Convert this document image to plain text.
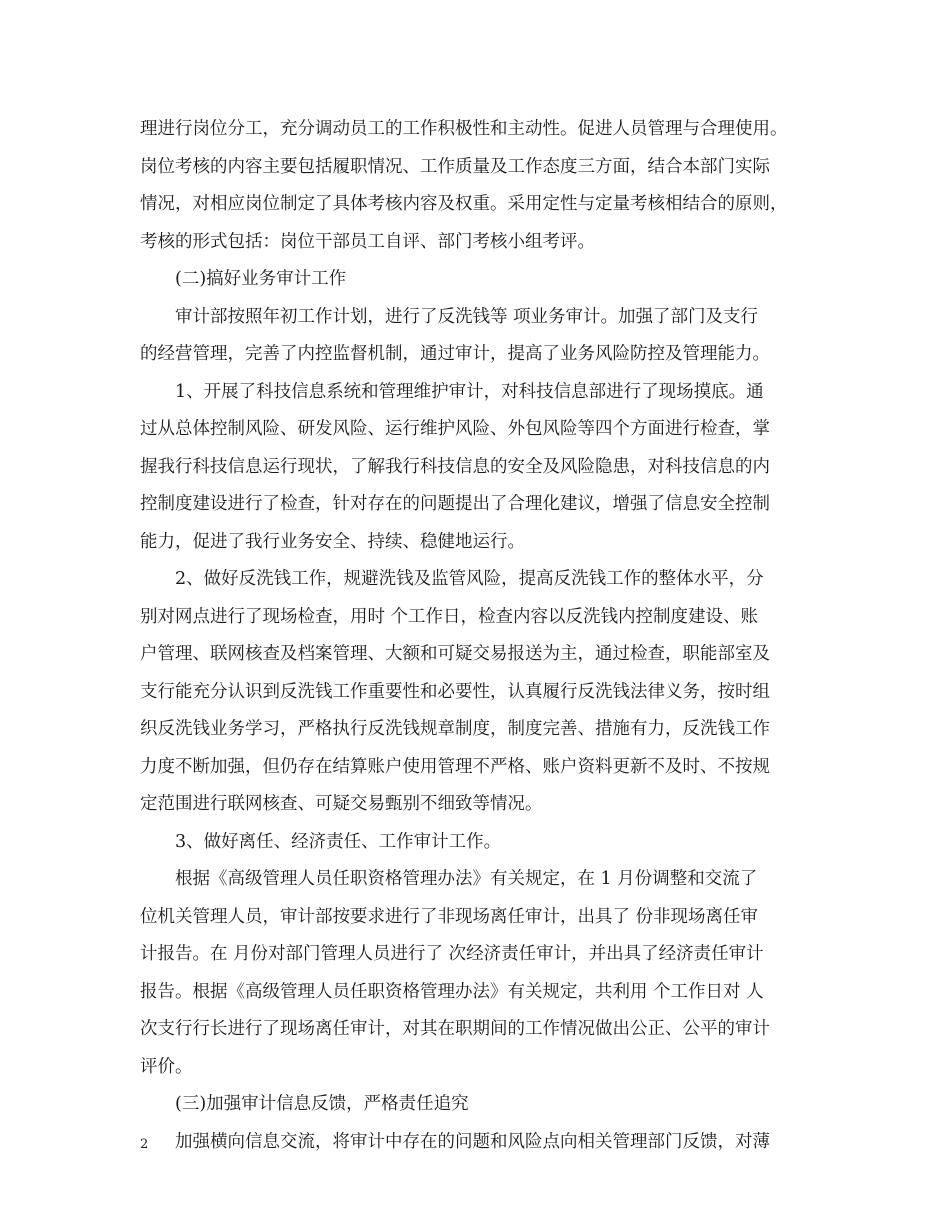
理进行岗位分工，充分调动员工的工作积极性和主动性。促进人员管理与合理使用。
岗位考核的内容主要包括履职情况、工作质量及工作态度三方面，结合本部门实际
情况，对相应岗位制定了具体考核内容及权重。采用定性与定量考核相结合的原则，
考核的形式包括：岗位干部员工自评、部门考核小组考评。
(二)搞好业务审计工作
审计部按照年初工作计划，进行了反洗钱等 项业务审计。加强了部门及支行
的经营管理，完善了内控监督机制，通过审计，提高了业务风险防控及管理能力。
1、开展了科技信息系统和管理维护审计，对科技信息部进行了现场摸底。通
过从总体控制风险、研发风险、运行维护风险、外包风险等四个方面进行检查，掌
握我行科技信息运行现状，了解我行科技信息的安全及风险隐患，对科技信息的内
控制度建设进行了检查，针对存在的问题提出了合理化建议，增强了信息安全控制
能力，促进了我行业务安全、持续、稳健地运行。
2、做好反洗钱工作，规避洗钱及监管风险，提高反洗钱工作的整体水平，分
别对网点进行了现场检查，用时 个工作日，检查内容以反洗钱内控制度建设、账
户管理、联网核查及档案管理、大额和可疑交易报送为主，通过检查，职能部室及
支行能充分认识到反洗钱工作重要性和必要性，认真履行反洗钱法律义务，按时组
织反洗钱业务学习，严格执行反洗钱规章制度，制度完善、措施有力，反洗钱工作
力度不断加强，但仍存在结算账户使用管理不严格、账户资料更新不及时、不按规
定范围进行联网核查、可疑交易甄别不细致等情况。
3、做好离任、经济责任、工作审计工作。
根据《高级管理人员任职资格管理办法》有关规定，在 1 月份调整和交流了
位机关管理人员，审计部按要求进行了非现场离任审计，出具了 份非现场离任审
计报告。在 月份对部门管理人员进行了 次经济责任审计，并出具了经济责任审计
报告。根据《高级管理人员任职资格管理办法》有关规定，共利用 个工作日对 人
次支行行长进行了现场离任审计，对其在职期间的工作情况做出公正、公平的审计
评价。
(三)加强审计信息反馈，严格责任追究
加强横向信息交流，将审计中存在的问题和风险点向相关管理部门反馈，对薄
2
